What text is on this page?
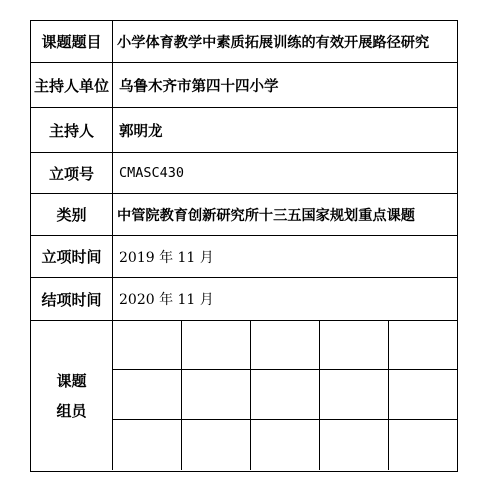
课题题目	小学体育教学中素质拓展训练的有效开展路径研究
主持人单位 乌鲁木齐市第四十四小学
主持人	郭明龙
立项号	CMASC430
类别	中管院教育创新研究所十三五国家规划重点课题
立项时间	2019 年 11 月
结项时间	2020 年 11 月
课题
组员
